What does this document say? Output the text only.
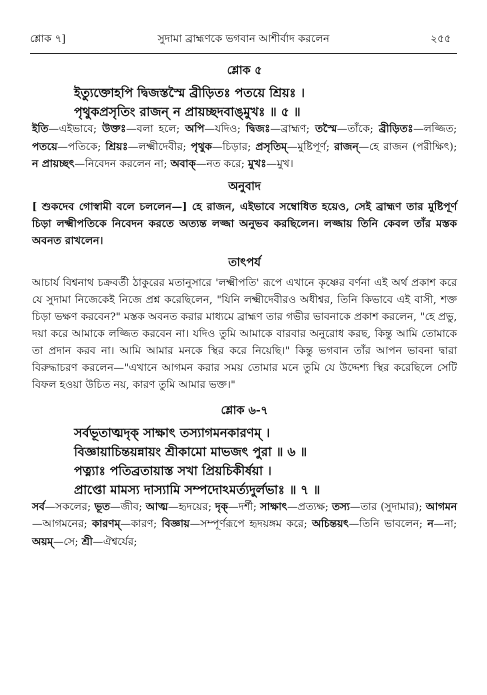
শ্লোক ৭]	সুদামা ব্রাহ্মণকে ভগবান আশীর্বাদ করলেন	২৫৫
শ্লোক ৫
ইত্যুক্তোহপি দ্বিজস্তস্মৈ ব্রীড়িতঃ পতয়ে শ্রিয়ঃ ।
পৃথুকপ্রসৃতিং রাজন্‌ ন প্রায়চ্ছদবাঙ্‌মুখঃ ॥ ৫ ॥
ইতি—এইভাবে; উক্তঃ—বলা হলে; অপি—যদিও; দ্বিজঃ—ব্রাহ্মণ; তস্মৈ—তাঁকে; ব্রীড়িতঃ—লজ্জিত; পতয়ে—পতিকে; শ্রিয়ঃ—লক্ষ্মীদেবীর; পৃথুক—চিড়ার; প্রসৃতিম্‌—মুষ্টিপূর্ণ; রাজন্‌—হে রাজন (পরীক্ষিৎ); ন প্রায়চ্ছৎ—নিবেদন করলেন না; অবাক্‌—নত করে; মুখঃ—মুখ।
অনুবাদ
[ শুকদেব গোস্বামী বলে চললেন—] হে রাজন, এইভাবে সম্বোধিত হয়েও, সেই ব্রাহ্মণ তার মুষ্টিপূর্ণ চিড়া লক্ষ্মীপতিকে নিবেদন করতে অত্যন্ত লজ্জা অনুভব করছিলেন। লজ্জায় তিনি কেবল তাঁর মস্তক অবনত রাখলেন।
তাৎপর্য
আচার্য বিশ্বনাথ চক্রবর্তী ঠাকুরের মতানুসারে 'লক্ষ্মীপতি' রূপে এখানে কৃষ্ণের বর্ণনা এই অর্থ প্রকাশ করে যে সুদামা নিজেকেই নিজে প্রশ্ন করেছিলেন, "যিনি লক্ষ্মীদেবীরও অধীশ্বর, তিনি কিভাবে এই বাসী, শক্ত চিড়া ভক্ষণ করবেন?" মস্তক অবনত করার মাধ্যমে ব্রাহ্মণ তার গভীর ভাবনাকে প্রকাশ করলেন, "হে প্রভু, দয়া করে আমাকে লজ্জিত করবেন না। যদিও তুমি আমাকে বারবার অনুরোধ করছ, কিন্তু আমি তোমাকে তা প্রদান করব না। আমি আমার মনকে স্থির করে নিয়েছি।" কিন্তু ভগবান তাঁর আপন ভাবনা দ্বারা বিরুদ্ধাচরণ করলেন—"এখানে আগমন করার সময় তোমার মনে তুমি যে উদ্দেশ্য স্থির করেছিলে সেটি বিফল হওয়া উচিত নয়, কারণ তুমি আমার ভক্ত।"
শ্লোক ৬-৭
সর্বভূতাত্মদৃক্‌ সাক্ষাৎ তস্যাগমনকারণম্‌ ।
বিজ্ঞায়াচিন্তয়ন্নায়ং শ্রীকামো মাভজৎ পুরা ॥ ৬ ॥
পত্ন্যাঃ পতিব্রতায়াস্ত সখা প্রিয়চিকীর্ষয়া ।
প্রাপ্তো মামস্য দাস্যামি সম্পদোঽমর্ত্যদুর্লভাঃ ॥ ৭ ॥
সর্ব—সকলের; ভূত—জীব; আত্ম—হৃদয়ের; দৃক্‌—দর্শী; সাক্ষাৎ—প্রত্যক্ষ; তস্য—তার (সুদামার); আগমন—আগমনের; কারণম্‌—কারণ; বিজ্ঞায়—সম্পূর্ণরূপে হৃদয়ঙ্গম করে; অচিন্তয়ৎ—তিনি ভাবলেন; ন—না; অয়ম্‌—সে; শ্রী—ঐশ্বর্যের;
